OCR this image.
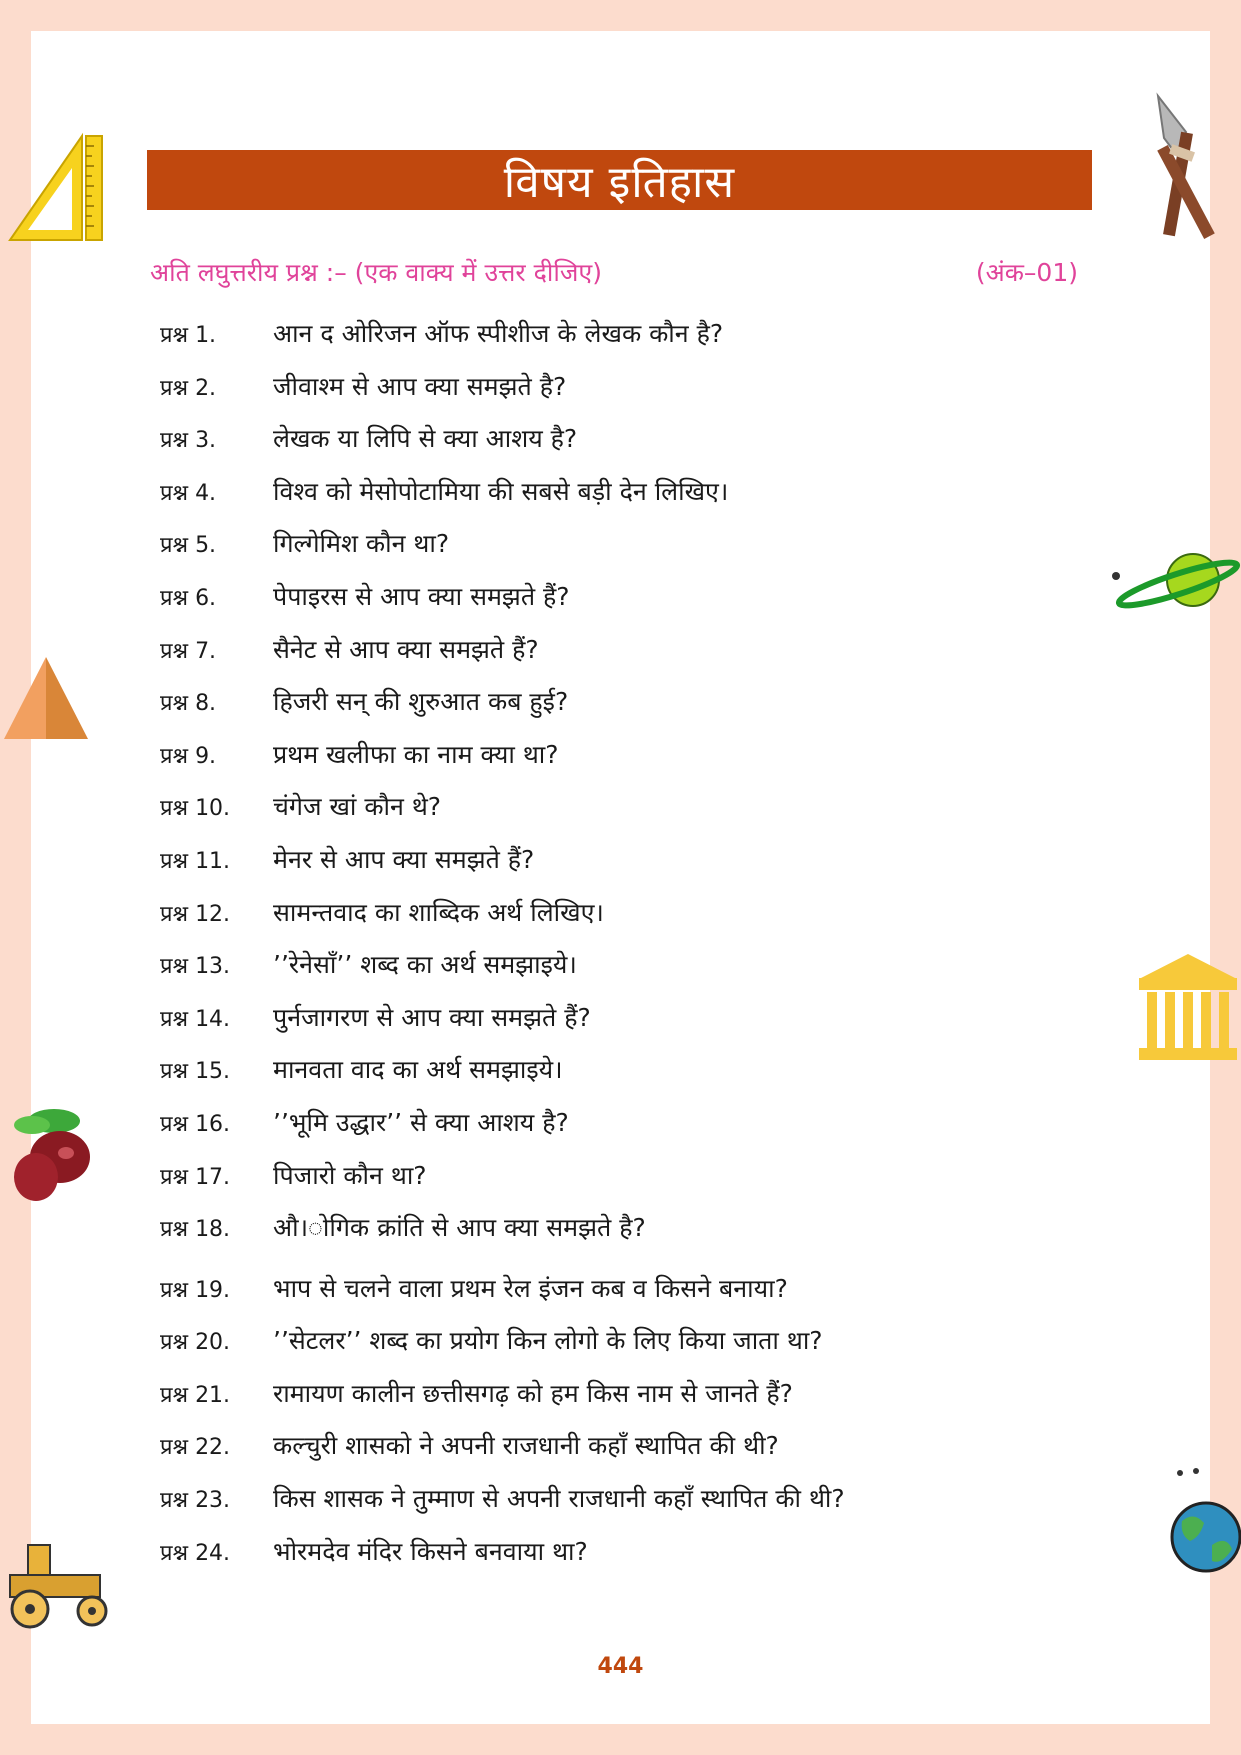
विषय इतिहास
अति लघुत्तरीय प्रश्न :– (एक वाक्य में उत्तर दीजिए)	(अंक–01)
प्रश्न 1.	आन द ओरिजन ऑफ स्पीशीज के लेखक कौन है?
प्रश्न 2.	जीवाश्म से आप क्या समझते है?
प्रश्न 3.	लेखक या लिपि से क्या आशय है?
प्रश्न 4.	विश्व को मेसोपोटामिया की सबसे बड़ी देन लिखिए।
प्रश्न 5.	गिल्गेमिश कौन था?
प्रश्न 6.	पेपाइरस से आप क्या समझते हैं?
प्रश्न 7.	सैनेट से आप क्या समझते हैं?
प्रश्न 8.	हिजरी सन् की शुरुआत कब हुई?
प्रश्न 9.	प्रथम खलीफा का नाम क्या था?
प्रश्न 10.	चंगेज खां कौन थे?
प्रश्न 11.	मेनर से आप क्या समझते हैं?
प्रश्न 12.	सामन्तवाद का शाब्दिक अर्थ लिखिए।
प्रश्न 13.	’’रेनेसाँ’’ शब्द का अर्थ समझाइये।
प्रश्न 14.	पुर्नजागरण से आप क्या समझते हैं?
प्रश्न 15.	मानवता वाद का अर्थ समझाइये।
प्रश्न 16.	’’भूमि उद्धार’’ से क्या आशय है?
प्रश्न 17.	पिजारो कौन था?
प्रश्न 18.	औ।ोगिक क्रांति से आप क्या समझते है?
प्रश्न 19.	भाप से चलने वाला प्रथम रेल इंजन कब व किसने बनाया?
प्रश्न 20.	’’सेटलर’’ शब्द का प्रयोग किन लोगो के लिए किया जाता था?
प्रश्न 21.	रामायण कालीन छत्तीसगढ़ को हम किस नाम से जानते हैं?
प्रश्न 22.	कल्चुरी शासको ने अपनी राजधानी कहाँ स्थापित की थी?
प्रश्न 23.	किस शासक ने तुम्माण से अपनी राजधानी कहाँ स्थापित की थी?
प्रश्न 24.	भोरमदेव मंदिर किसने बनवाया था?
444
